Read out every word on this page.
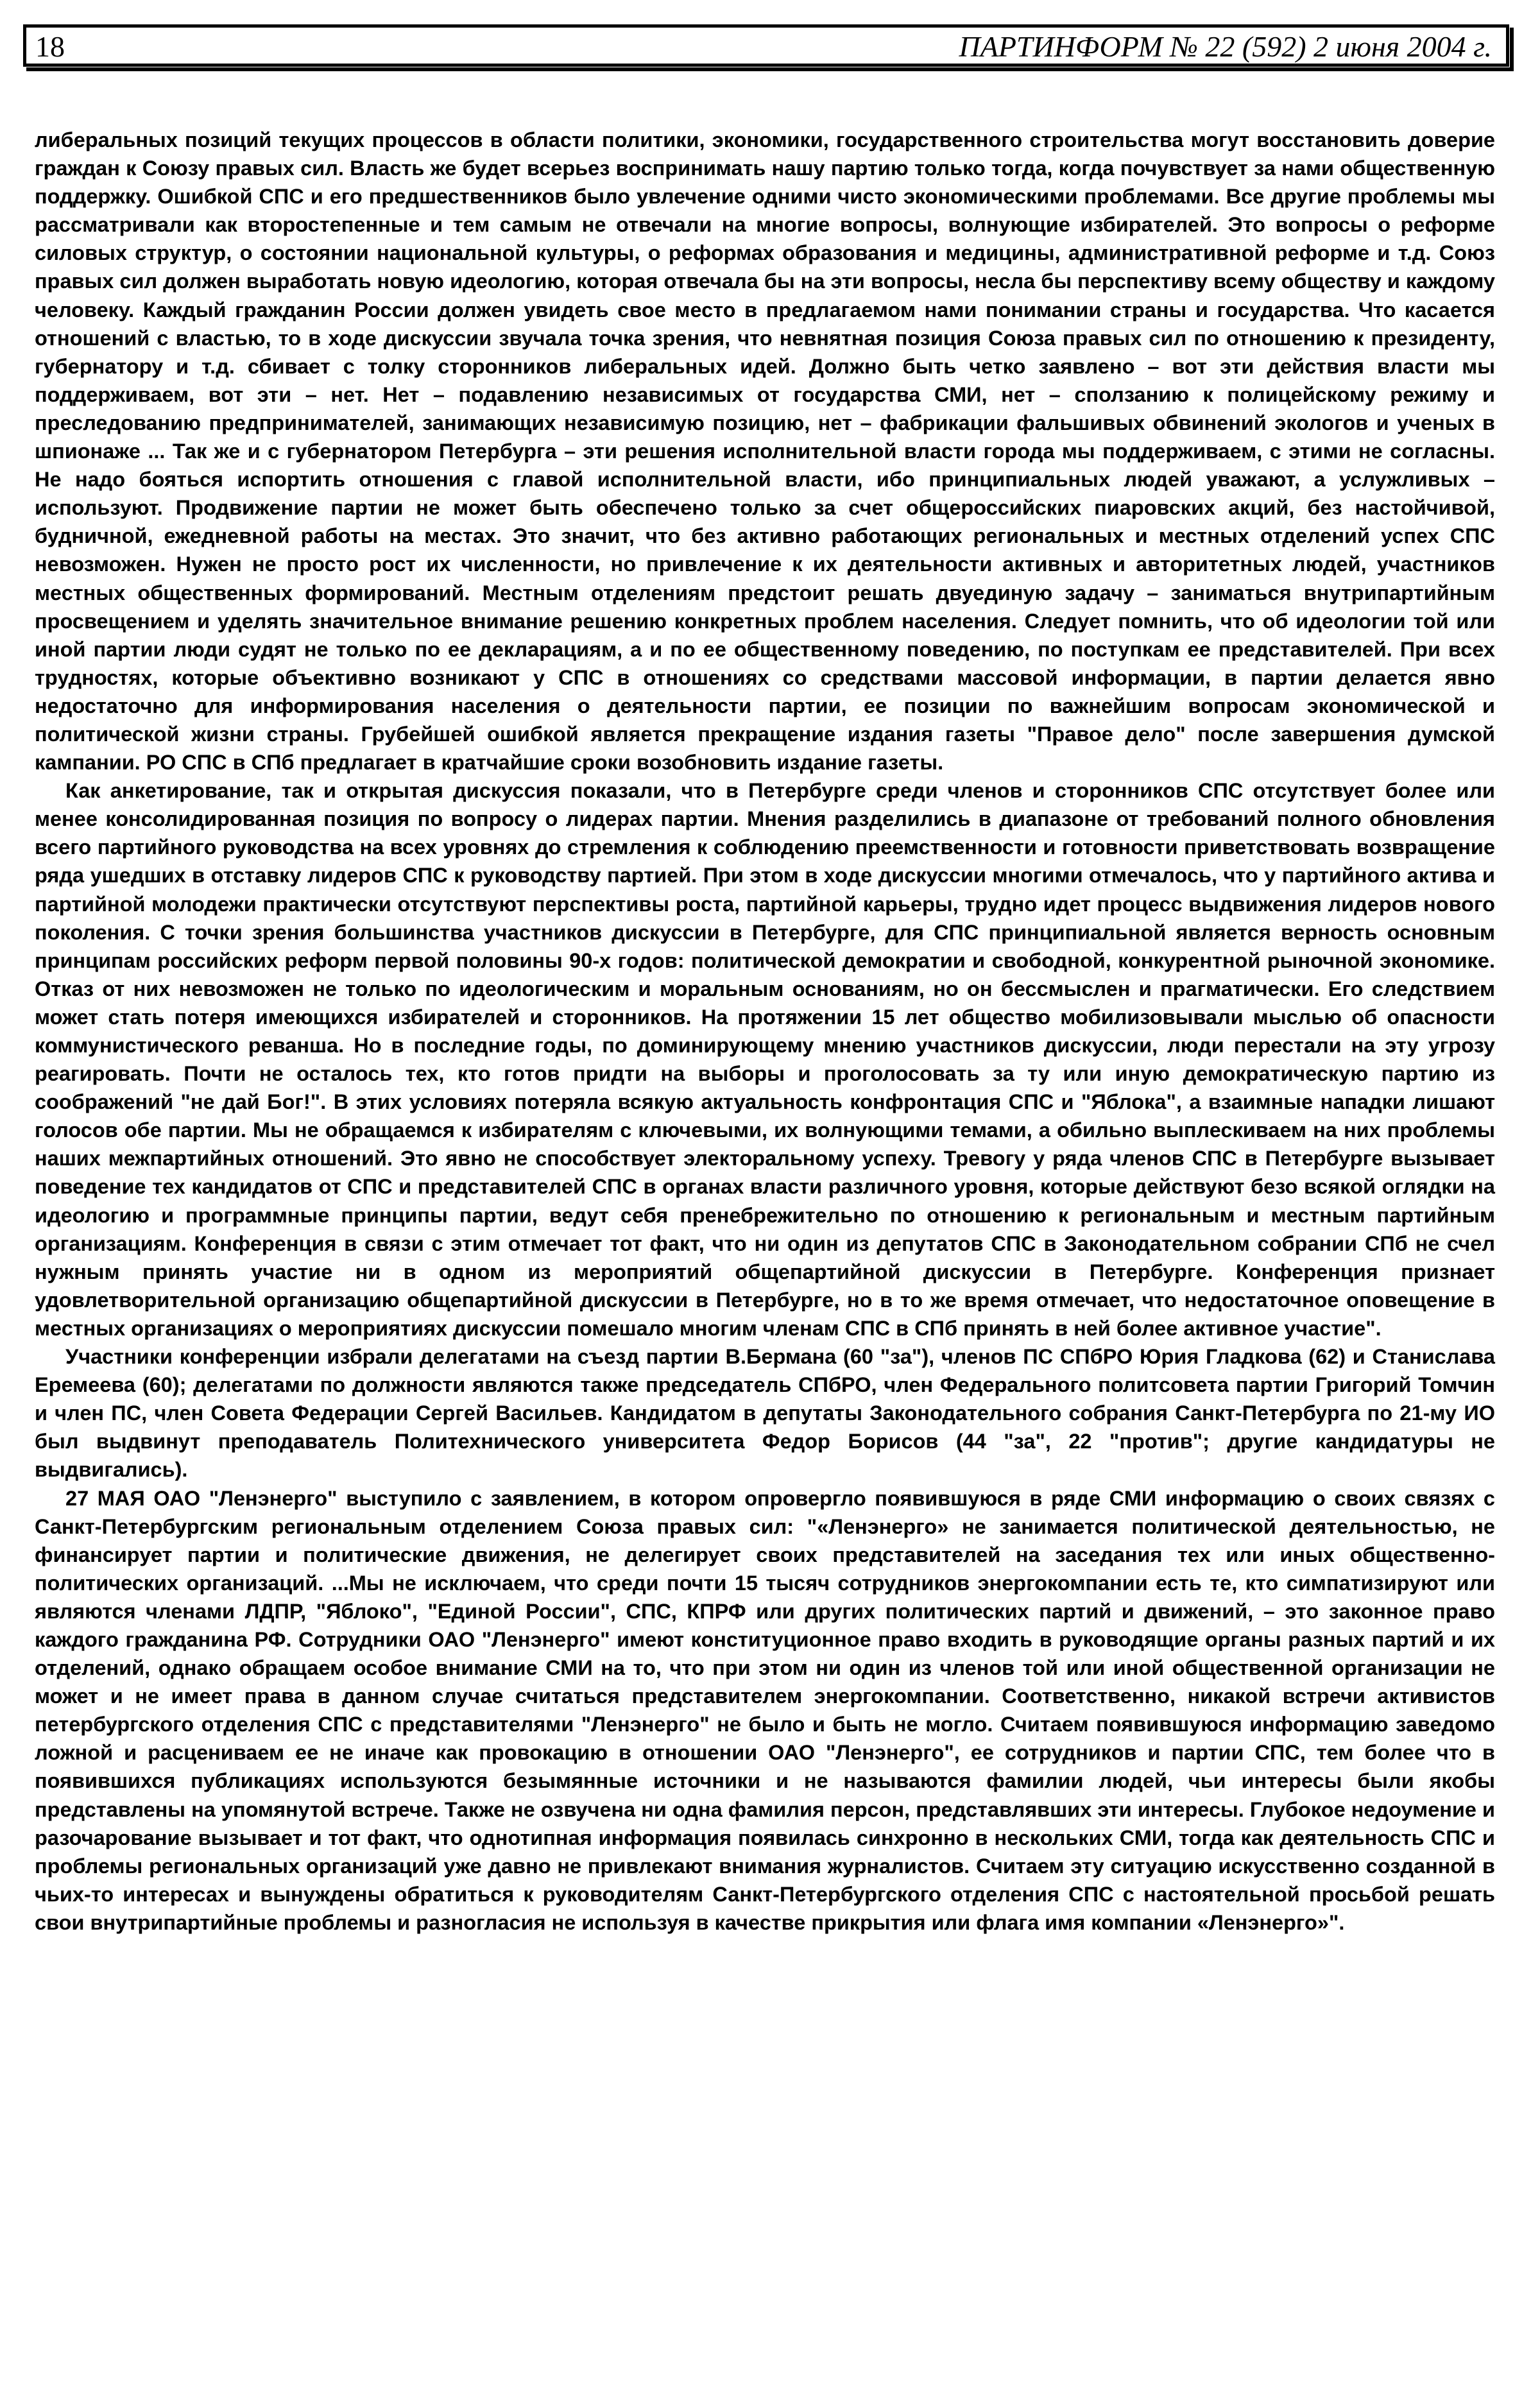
18	ПАРТИНФОРМ № 22 (592) 2 июня 2004 г.

либеральных позиций текущих процессов в области политики, экономики, государственного строительства могут восстановить доверие граждан к Союзу правых сил. Власть же будет всерьез воспринимать нашу партию только тогда, когда почувствует за нами общественную поддержку. Ошибкой СПС и его предшественников было увлечение одними чисто экономическими проблемами. Все другие проблемы мы рассматривали как второстепенные и тем самым не отвечали на многие вопросы, волнующие избирателей. Это вопросы о реформе силовых структур, о состоянии национальной культуры, о реформах образования и медицины, административной реформе и т.д. Союз правых сил должен выработать новую идеологию, которая отвечала бы на эти вопросы, несла бы перспективу всему обществу и каждому человеку. Каждый гражданин России должен увидеть свое место в предлагаемом нами понимании страны и государства. Что касается отношений с властью, то в ходе дискуссии звучала точка зрения, что невнятная позиция Союза правых сил по отношению к президенту, губернатору и т.д. сбивает с толку сторонников либеральных идей. Должно быть четко заявлено – вот эти действия власти мы поддерживаем, вот эти – нет. Нет – подавлению независимых от государства СМИ, нет – сползанию к полицейскому режиму и преследованию предпринимателей, занимающих независимую позицию, нет – фабрикации фальшивых обвинений экологов и ученых в шпионаже ... Так же и с губернатором Петербурга – эти решения исполнительной власти города мы поддерживаем, с этими не согласны. Не надо бояться испортить отношения с главой исполнительной власти, ибо принципиальных людей уважают, а услужливых – используют. Продвижение партии не может быть обеспечено только за счет общероссийских пиаровских акций, без настойчивой, будничной, ежедневной работы на местах. Это значит, что без активно работающих региональных и местных отделений успех СПС невозможен. Нужен не просто рост их численности, но привлечение к их деятельности активных и авторитетных людей, участников местных общественных формирований. Местным отделениям предстоит решать двуединую задачу – заниматься внутрипартийным просвещением и уделять значительное внимание решению конкретных проблем населения. Следует помнить, что об идеологии той или иной партии люди судят не только по ее декларациям, а и по ее общественному поведению, по поступкам ее представителей. При всех трудностях, которые объективно возникают у СПС в отношениях со средствами массовой информации, в партии делается явно недостаточно для информирования населения о деятельности партии, ее позиции по важнейшим вопросам экономической и политической жизни страны. Грубейшей ошибкой является прекращение издания газеты "Правое дело" после завершения думской кампании. РО СПС в СПб предлагает в кратчайшие сроки возобновить издание газеты.

Как анкетирование, так и открытая дискуссия показали, что в Петербурге среди членов и сторонников СПС отсутствует более или менее консолидированная позиция по вопросу о лидерах партии. Мнения разделились в диапазоне от требований полного обновления всего партийного руководства на всех уровнях до стремления к соблюдению преемственности и готовности приветствовать возвращение ряда ушедших в отставку лидеров СПС к руководству партией. При этом в ходе дискуссии многими отмечалось, что у партийного актива и партийной молодежи практически отсутствуют перспективы роста, партийной карьеры, трудно идет процесс выдвижения лидеров нового поколения. С точки зрения большинства участников дискуссии в Петербурге, для СПС принципиальной является верность основным принципам российских реформ первой половины 90-х годов: политической демократии и свободной, конкурентной рыночной экономике. Отказ от них невозможен не только по идеологическим и моральным основаниям, но он бессмыслен и прагматически. Его следствием может стать потеря имеющихся избирателей и сторонников. На протяжении 15 лет общество мобилизовывали мыслью об опасности коммунистического реванша. Но в последние годы, по доминирующему мнению участников дискуссии, люди перестали на эту угрозу реагировать. Почти не осталось тех, кто готов придти на выборы и проголосовать за ту или иную демократическую партию из соображений "не дай Бог!". В этих условиях потеряла всякую актуальность конфронтация СПС и "Яблока", а взаимные нападки лишают голосов обе партии. Мы не обращаемся к избирателям с ключевыми, их волнующими темами, а обильно выплескиваем на них проблемы наших межпартийных отношений. Это явно не способствует электоральному успеху. Тревогу у ряда членов СПС в Петербурге вызывает поведение тех кандидатов от СПС и представителей СПС в органах власти различного уровня, которые действуют безо всякой оглядки на идеологию и программные принципы партии, ведут себя пренебрежительно по отношению к региональным и местным партийным организациям. Конференция в связи с этим отмечает тот факт, что ни один из депутатов СПС в Законодательном собрании СПб не счел нужным принять участие ни в одном из мероприятий общепартийной дискуссии в Петербурге. Конференция признает удовлетворительной организацию общепартийной дискуссии в Петербурге, но в то же время отмечает, что недостаточное оповещение в местных организациях о мероприятиях дискуссии помешало многим членам СПС в СПб принять в ней более активное участие".

Участники конференции избрали делегатами на съезд партии В.Бермана (60 "за"), членов ПС СПбРО Юрия Гладкова (62) и Станислава Еремеева (60); делегатами по должности являются также председатель СПбРО, член Федерального политсовета партии Григорий Томчин и член ПС, член Совета Федерации Сергей Васильев. Кандидатом в депутаты Законодательного собрания Санкт-Петербурга по 21-му ИО был выдвинут преподаватель Политехнического университета Федор Борисов (44 "за", 22 "против"; другие кандидатуры не выдвигались).

27 МАЯ ОАО "Ленэнерго" выступило с заявлением, в котором опровергло появившуюся в ряде СМИ информацию о своих связях с Санкт-Петербургским региональным отделением Союза правых сил: "«Ленэнерго» не занимается политической деятельностью, не финансирует партии и политические движения, не делегирует своих представителей на заседания тех или иных общественно-политических организаций. ...Мы не исключаем, что среди почти 15 тысяч сотрудников энергокомпании есть те, кто симпатизируют или являются членами ЛДПР, "Яблоко", "Единой России", СПС, КПРФ или других политических партий и движений, – это законное право каждого гражданина РФ. Сотрудники ОАО "Ленэнерго" имеют конституционное право входить в руководящие органы разных партий и их отделений, однако обращаем особое внимание СМИ на то, что при этом ни один из членов той или иной общественной организации не может и не имеет права в данном случае считаться представителем энергокомпании. Соответственно, никакой встречи активистов петербургского отделения СПС с представителями "Ленэнерго" не было и быть не могло. Считаем появившуюся информацию заведомо ложной и расцениваем ее не иначе как провокацию в отношении ОАО "Ленэнерго", ее сотрудников и партии СПС, тем более что в появившихся публикациях используются безымянные источники и не называются фамилии людей, чьи интересы были якобы представлены на упомянутой встрече. Также не озвучена ни одна фамилия персон, представлявших эти интересы. Глубокое недоумение и разочарование вызывает и тот факт, что однотипная информация появилась синхронно в нескольких СМИ, тогда как деятельность СПС и проблемы региональных организаций уже давно не привлекают внимания журналистов. Считаем эту ситуацию искусственно созданной в чьих-то интересах и вынуждены обратиться к руководителям Санкт-Петербургского отделения СПС с настоятельной просьбой решать свои внутрипартийные проблемы и разногласия не используя в качестве прикрытия или флага имя компании «Ленэнерго»".
